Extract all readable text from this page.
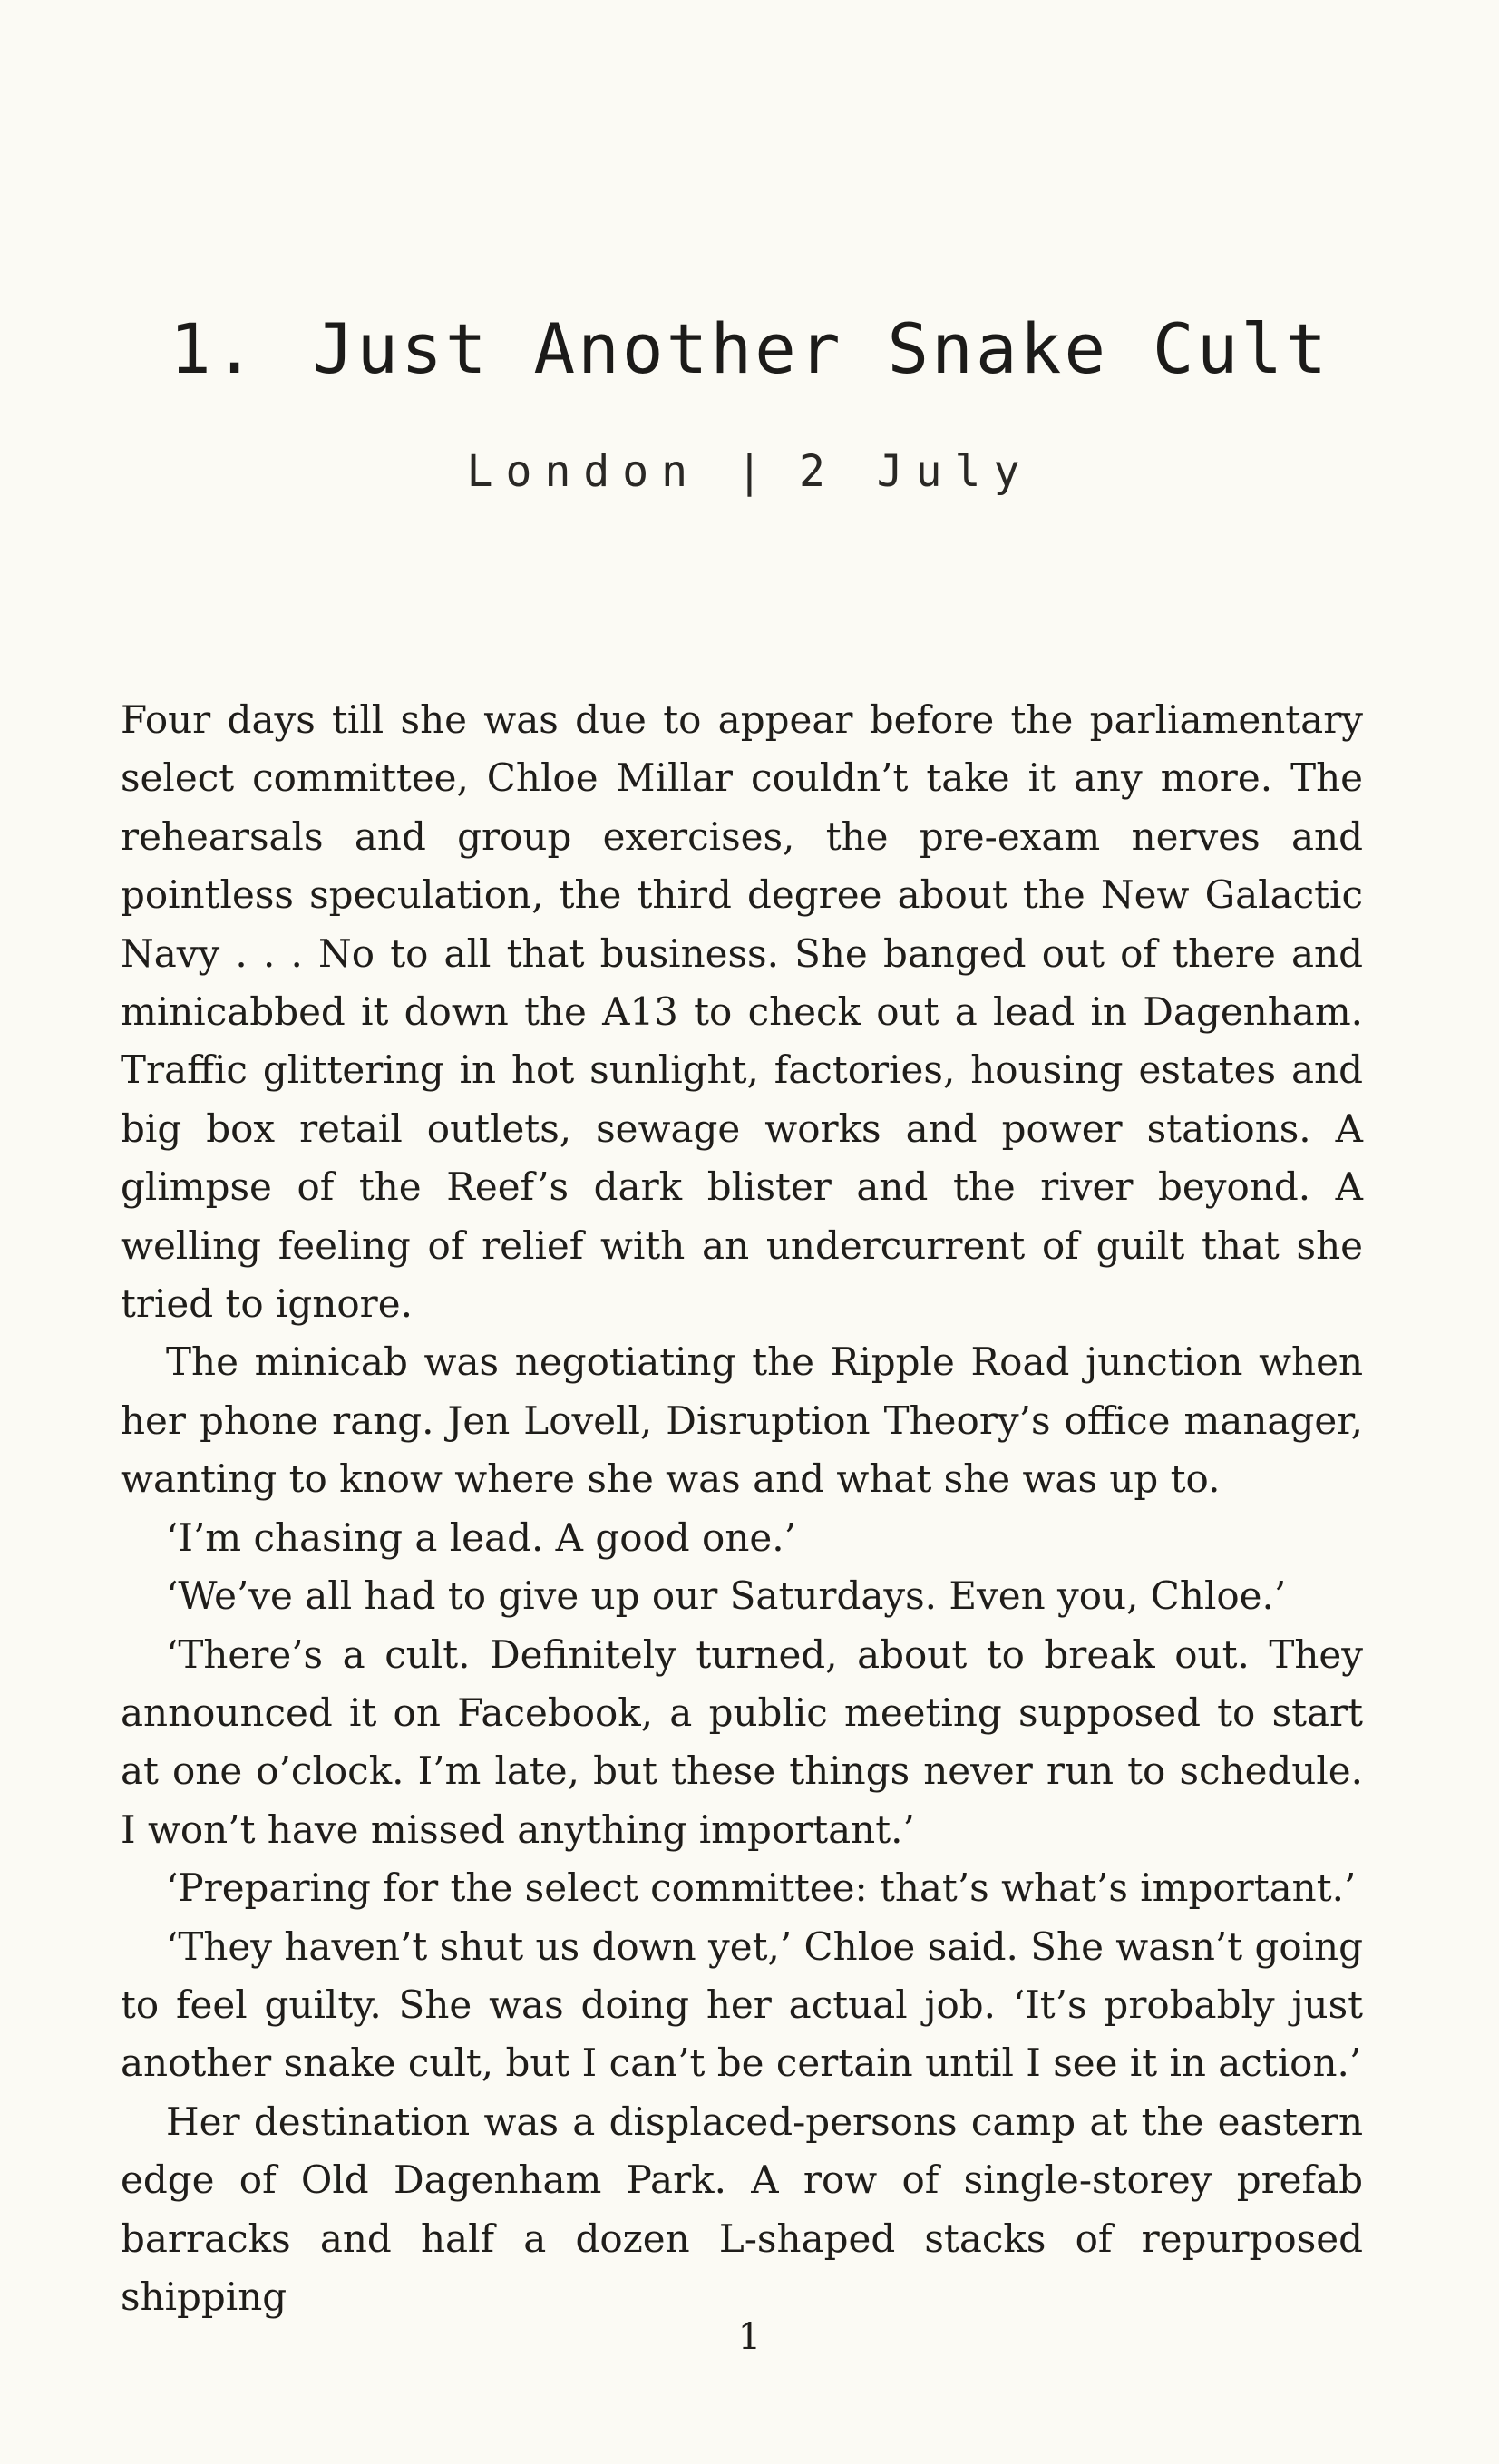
1. Just Another Snake Cult
London | 2 July

Four days till she was due to appear before the parliamentary select committee, Chloe Millar couldn’t take it any more. The rehearsals and group exercises, the pre-exam nerves and pointless speculation, the third degree about the New Galactic Navy . . . No to all that business. She banged out of there and minicabbed it down the A13 to check out a lead in Dagenham. Traffic glittering in hot sunlight, factories, housing estates and big box retail outlets, sewage works and power stations. A glimpse of the Reef’s dark blister and the river beyond. A welling feeling of relief with an undercurrent of guilt that she tried to ignore.

The minicab was negotiating the Ripple Road junction when her phone rang. Jen Lovell, Disruption Theory’s office manager, wanting to know where she was and what she was up to.

‘I’m chasing a lead. A good one.’

‘We’ve all had to give up our Saturdays. Even you, Chloe.’

‘There’s a cult. Definitely turned, about to break out. They announced it on Facebook, a public meeting supposed to start at one o’clock. I’m late, but these things never run to schedule. I won’t have missed anything important.’

‘Preparing for the select committee: that’s what’s important.’

‘They haven’t shut us down yet,’ Chloe said. She wasn’t going to feel guilty. She was doing her actual job. ‘It’s probably just another snake cult, but I can’t be certain until I see it in action.’

Her destination was a displaced-persons camp at the eastern edge of Old Dagenham Park. A row of single-storey prefab barracks and half a dozen L-shaped stacks of repurposed shipping

1
